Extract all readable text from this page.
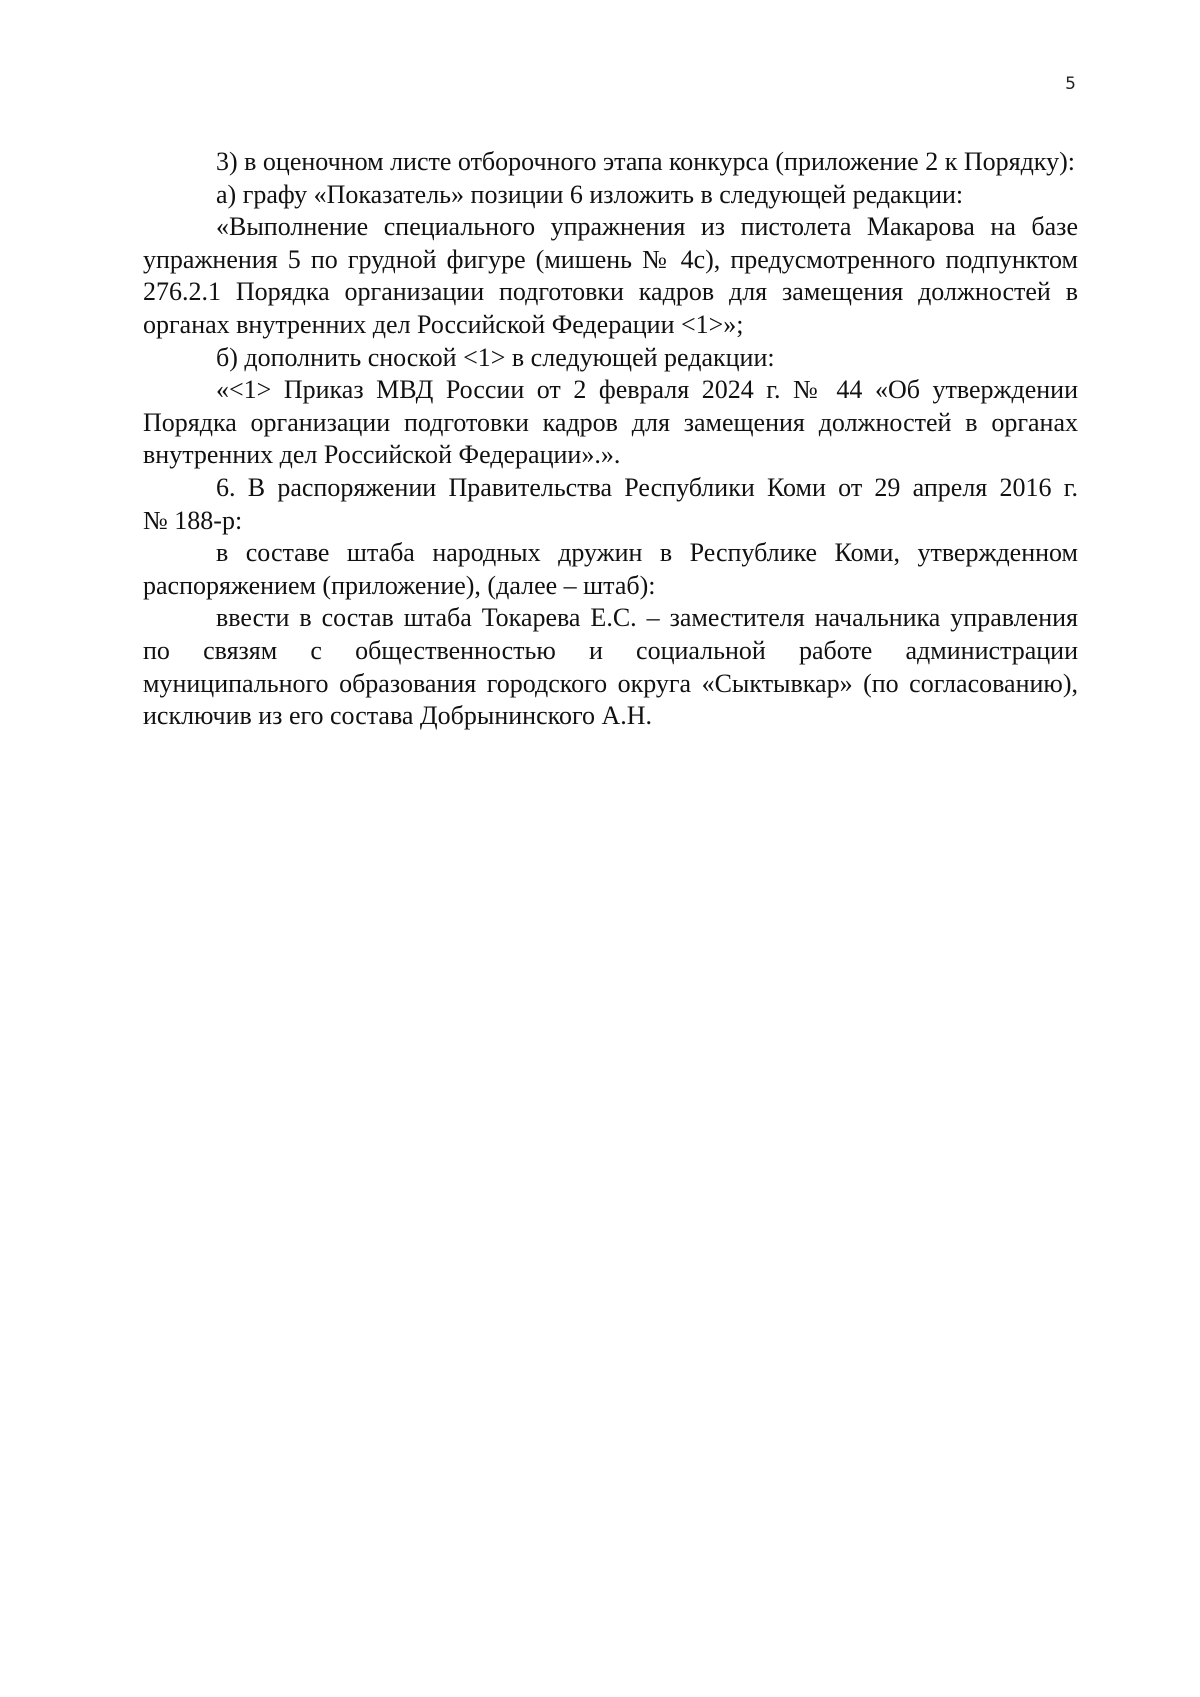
5

3) в оценочном листе отборочного этапа конкурса (приложение 2 к Порядку):

а) графу «Показатель» позиции 6 изложить в следующей редакции:

«Выполнение специального упражнения из пистолета Макарова на базе упражнения 5 по грудной фигуре (мишень № 4с), предусмотренного подпунктом 276.2.1 Порядка организации подготовки кадров для замещения должностей в органах внутренних дел Российской Федерации <1>»;

б) дополнить сноской <1> в следующей редакции:

«<1> Приказ МВД России от 2 февраля 2024 г. № 44 «Об утверждении Порядка организации подготовки кадров для замещения должностей в органах внутренних дел Российской Федерации».».

6. В распоряжении Правительства Республики Коми от 29 апреля 2016 г. № 188-р:

в составе штаба народных дружин в Республике Коми, утвержденном распоряжением (приложение), (далее – штаб):

ввести в состав штаба Токарева Е.С. – заместителя начальника управления по связям с общественностью и социальной работе администрации муниципального образования городского округа «Сыктывкар» (по согласованию), исключив из его состава Добрынинского А.Н.
